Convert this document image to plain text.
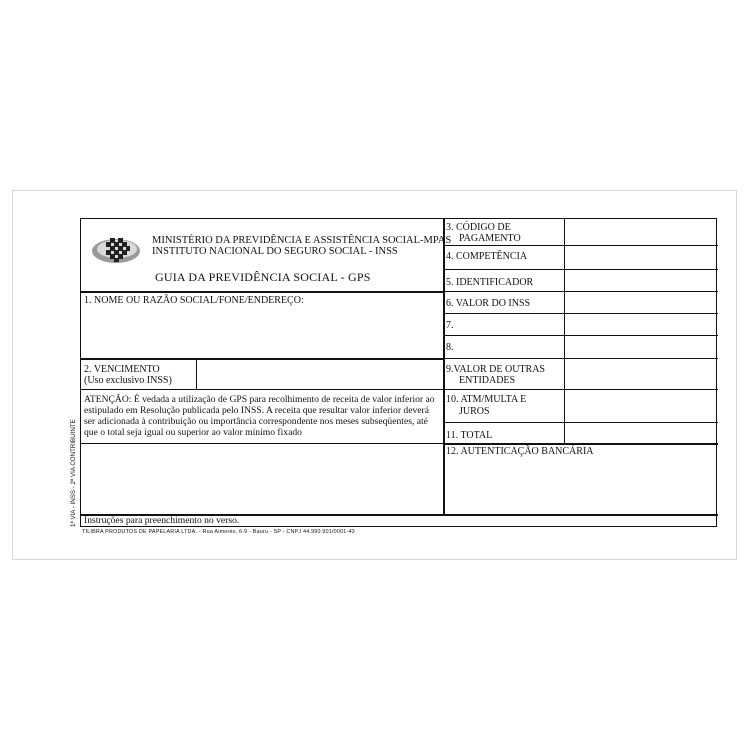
MINISTÉRIO DA PREVIDÊNCIA E ASSISTÊNCIA SOCIAL-MPAS
INSTITUTO NACIONAL DO SEGURO SOCIAL - INSS
GUIA DA PREVIDÊNCIA SOCIAL - GPS
1. NOME OU RAZÃO SOCIAL/FONE/ENDEREÇO:
2. VENCIMENTO
(Uso exclusivo INSS)
ATENÇÃO: É vedada a utilização de GPS para recolhimento de receita de valor inferior ao estipulado em Resolução publicada pelo INSS. A receita que resultar valor inferior deverá ser adicionada à contribuição ou importância correspondente nos meses subseqüentes, até que o total seja igual ou superior ao valor mínimo fixado
3. CÓDIGO DE
PAGAMENTO
4. COMPETÊNCIA
5. IDENTIFICADOR
6. VALOR DO INSS
7.
8.
9.VALOR DE OUTRAS
ENTIDADES
10. ATM/MULTA E
JUROS
11. TOTAL
12. AUTENTICAÇÃO BANCÁRIA
Instruções para preenchimento no verso.
TILIBRA PRODUTOS DE PAPELARIA LTDA. - Rua Aimorés, 6-9 - Bauru - SP - CNPJ 44.990.901/0001-43
1ª VIA - INSS - 2ª VIA CONTRIBUINTE
